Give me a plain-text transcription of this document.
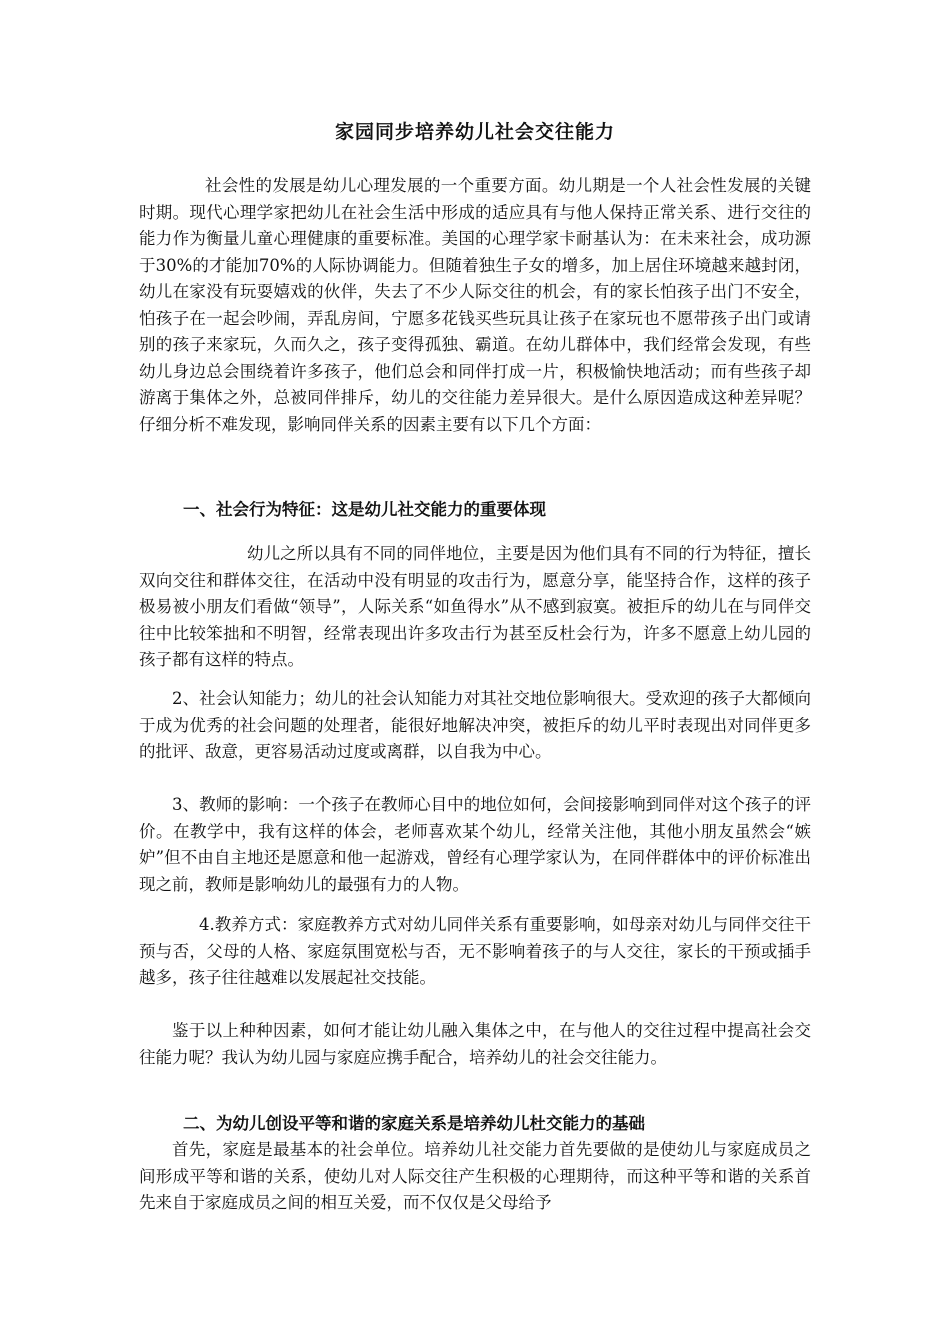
家园同步培养幼儿社会交往能力

社会性的发展是幼儿心理发展的一个重要方面。幼儿期是一个人社会性发展的关键时期。现代心理学家把幼儿在社会生活中形成的适应具有与他人保持正常关系、进行交往的能力作为衡量儿童心理健康的重要标准。美国的心理学家卡耐基认为：在未来社会，成功源于30%的才能加70%的人际协调能力。但随着独生子女的增多，加上居住环境越来越封闭，幼儿在家没有玩耍嬉戏的伙伴，失去了不少人际交往的机会，有的家长怕孩子出门不安全，怕孩子在一起会吵闹，弄乱房间，宁愿多花钱买些玩具让孩子在家玩也不愿带孩子出门或请别的孩子来家玩，久而久之，孩子变得孤独、霸道。在幼儿群体中，我们经常会发现，有些幼儿身边总会围绕着许多孩子，他们总会和同伴打成一片，积极愉快地活动；而有些孩子却游离于集体之外，总被同伴排斥，幼儿的交往能力差异很大。是什么原因造成这种差异呢？仔细分析不难发现，影响同伴关系的因素主要有以下几个方面：

一、社会行为特征：这是幼儿社交能力的重要体现

幼儿之所以具有不同的同伴地位，主要是因为他们具有不同的行为特征，擅长双向交往和群体交往，在活动中没有明显的攻击行为，愿意分享，能坚持合作，这样的孩子极易被小朋友们看做“领导”，人际关系“如鱼得水”从不感到寂寞。被拒斥的幼儿在与同伴交往中比较笨拙和不明智，经常表现出许多攻击行为甚至反杜会行为，许多不愿意上幼儿园的孩子都有这样的特点。

2、社会认知能力；幼儿的社会认知能力对其社交地位影响很大。受欢迎的孩子大都倾向于成为优秀的社会问题的处理者，能很好地解决冲突，被拒斥的幼儿平时表现出对同伴更多的批评、敌意，更容易活动过度或离群，以自我为中心。

3、教师的影响：一个孩子在教师心目中的地位如何，会间接影响到同伴对这个孩子的评价。在教学中，我有这样的体会，老师喜欢某个幼儿，经常关注他，其他小朋友虽然会“嫉妒”但不由自主地还是愿意和他一起游戏，曾经有心理学家认为，在同伴群体中的评价标准出现之前，教师是影响幼儿的最强有力的人物。

4.教养方式：家庭教养方式对幼儿同伴关系有重要影响，如母亲对幼儿与同伴交往干预与否，父母的人格、家庭氛围宽松与否，无不影响着孩子的与人交往，家长的干预或插手越多，孩子往往越难以发展起社交技能。

鉴于以上种种因素，如何才能让幼儿融入集体之中，在与他人的交往过程中提高社会交往能力呢？我认为幼儿园与家庭应携手配合，培养幼儿的社会交往能力。

二、为幼儿创设平等和谐的家庭关系是培养幼儿杜交能力的基础

首先，家庭是最基本的社会单位。培养幼儿社交能力首先要做的是使幼儿与家庭成员之间形成平等和谐的关系，使幼儿对人际交往产生积极的心理期待，而这种平等和谐的关系首先来自于家庭成员之间的相互关爱，而不仅仅是父母给予
